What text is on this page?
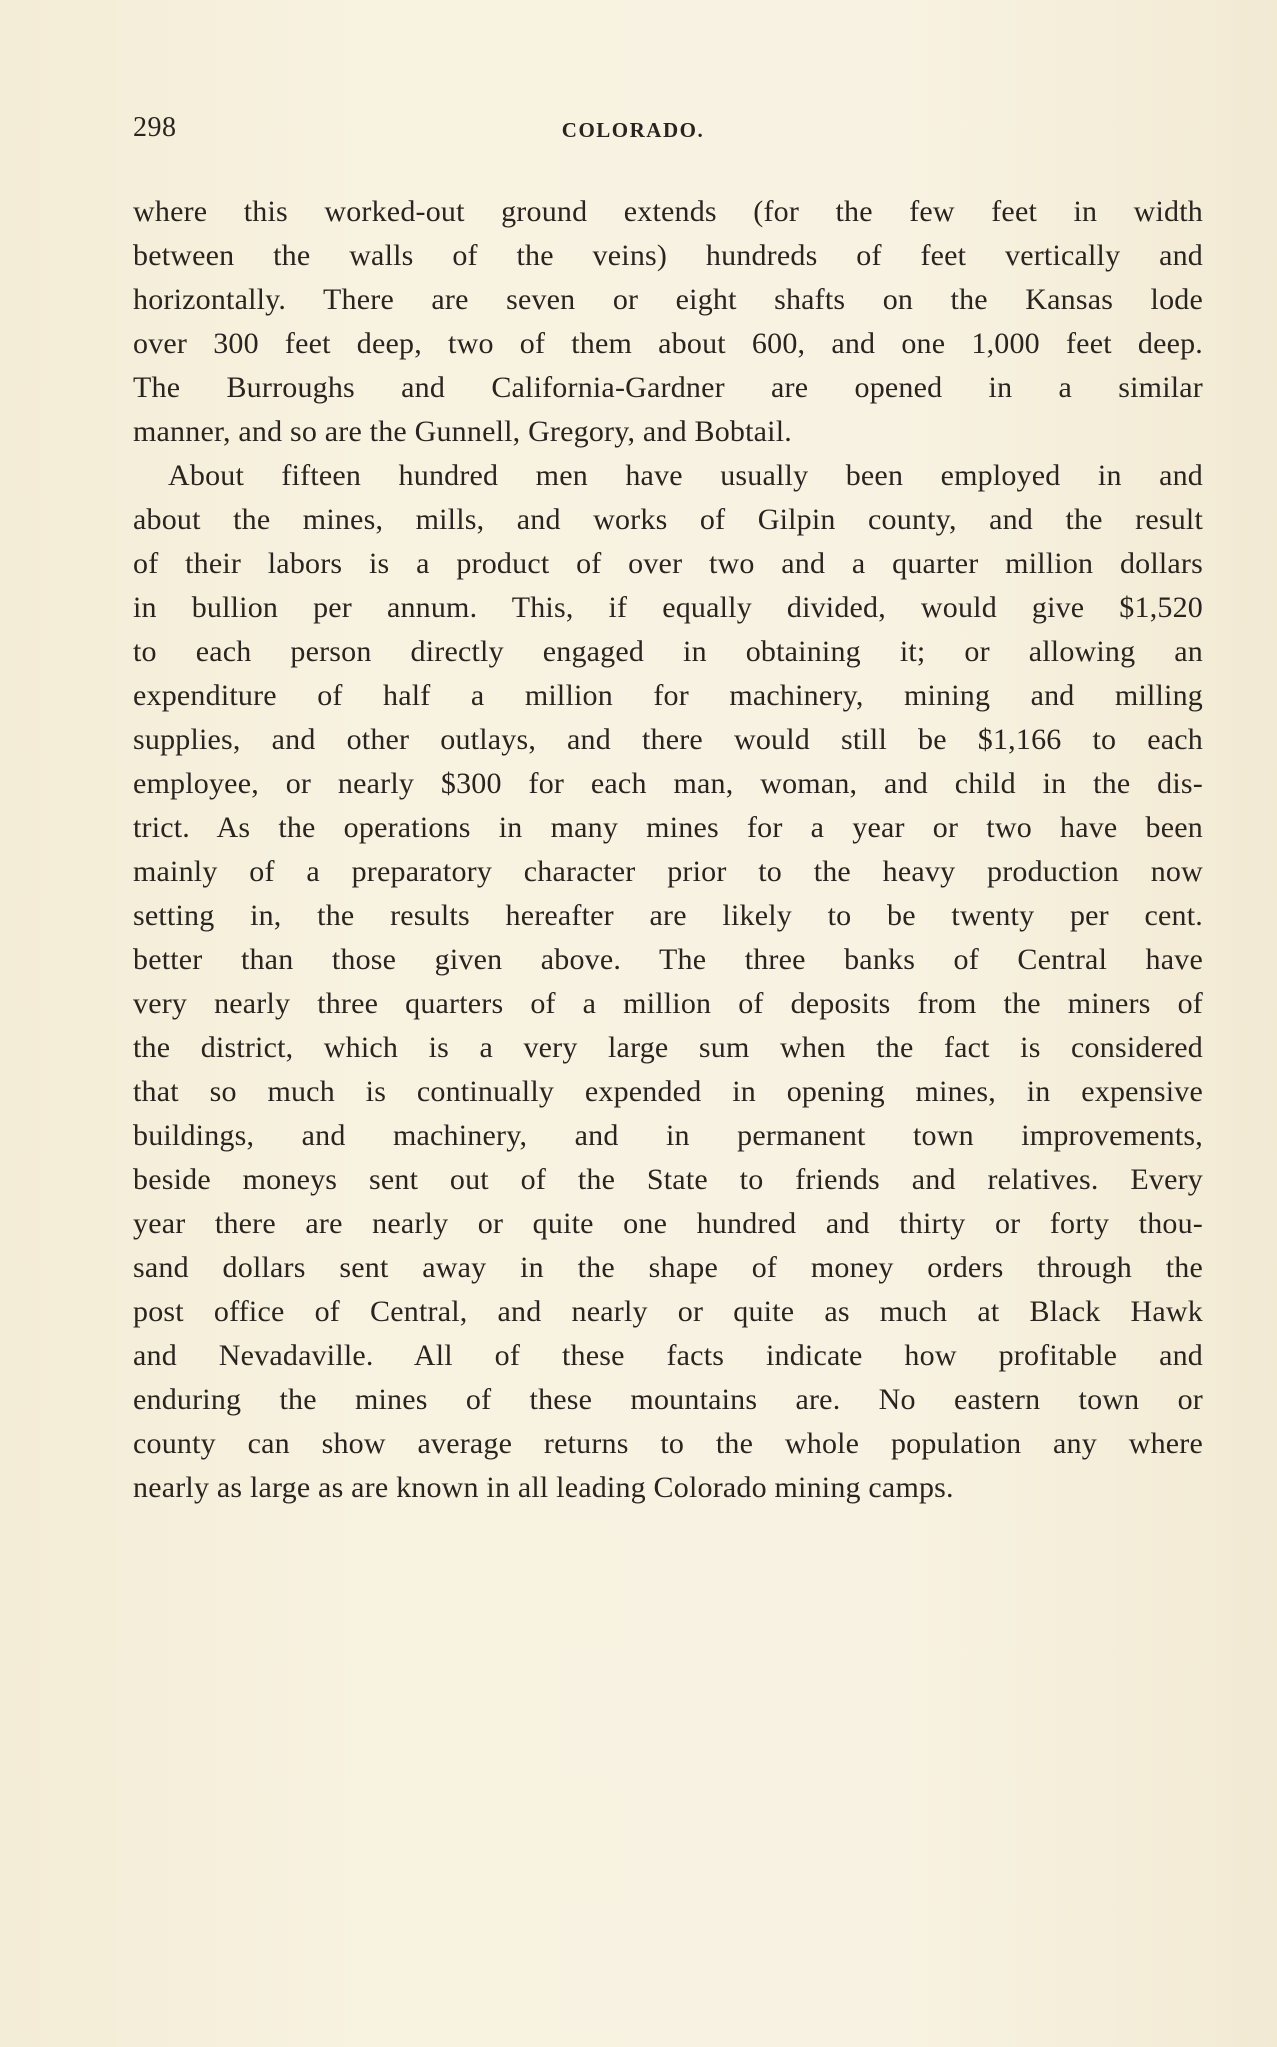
298	COLORADO.
where this worked-out ground extends (for the few feet in width
between the walls of the veins) hundreds of feet vertically and
horizontally. There are seven or eight shafts on the Kansas lode
over 300 feet deep, two of them about 600, and one 1,000 feet deep.
The Burroughs and California-Gardner are opened in a similar
manner, and so are the Gunnell, Gregory, and Bobtail.
About fifteen hundred men have usually been employed in and
about the mines, mills, and works of Gilpin county, and the result
of their labors is a product of over two and a quarter million dollars
in bullion per annum. This, if equally divided, would give $1,520
to each person directly engaged in obtaining it; or allowing an
expenditure of half a million for machinery, mining and milling
supplies, and other outlays, and there would still be $1,166 to each
employee, or nearly $300 for each man, woman, and child in the dis-
trict. As the operations in many mines for a year or two have been
mainly of a preparatory character prior to the heavy production now
setting in, the results hereafter are likely to be twenty per cent.
better than those given above. The three banks of Central have
very nearly three quarters of a million of deposits from the miners of
the district, which is a very large sum when the fact is considered
that so much is continually expended in opening mines, in expensive
buildings, and machinery, and in permanent town improvements,
beside moneys sent out of the State to friends and relatives. Every
year there are nearly or quite one hundred and thirty or forty thou-
sand dollars sent away in the shape of money orders through the
post office of Central, and nearly or quite as much at Black Hawk
and Nevadaville. All of these facts indicate how profitable and
enduring the mines of these mountains are. No eastern town or
county can show average returns to the whole population any where
nearly as large as are known in all leading Colorado mining camps.
